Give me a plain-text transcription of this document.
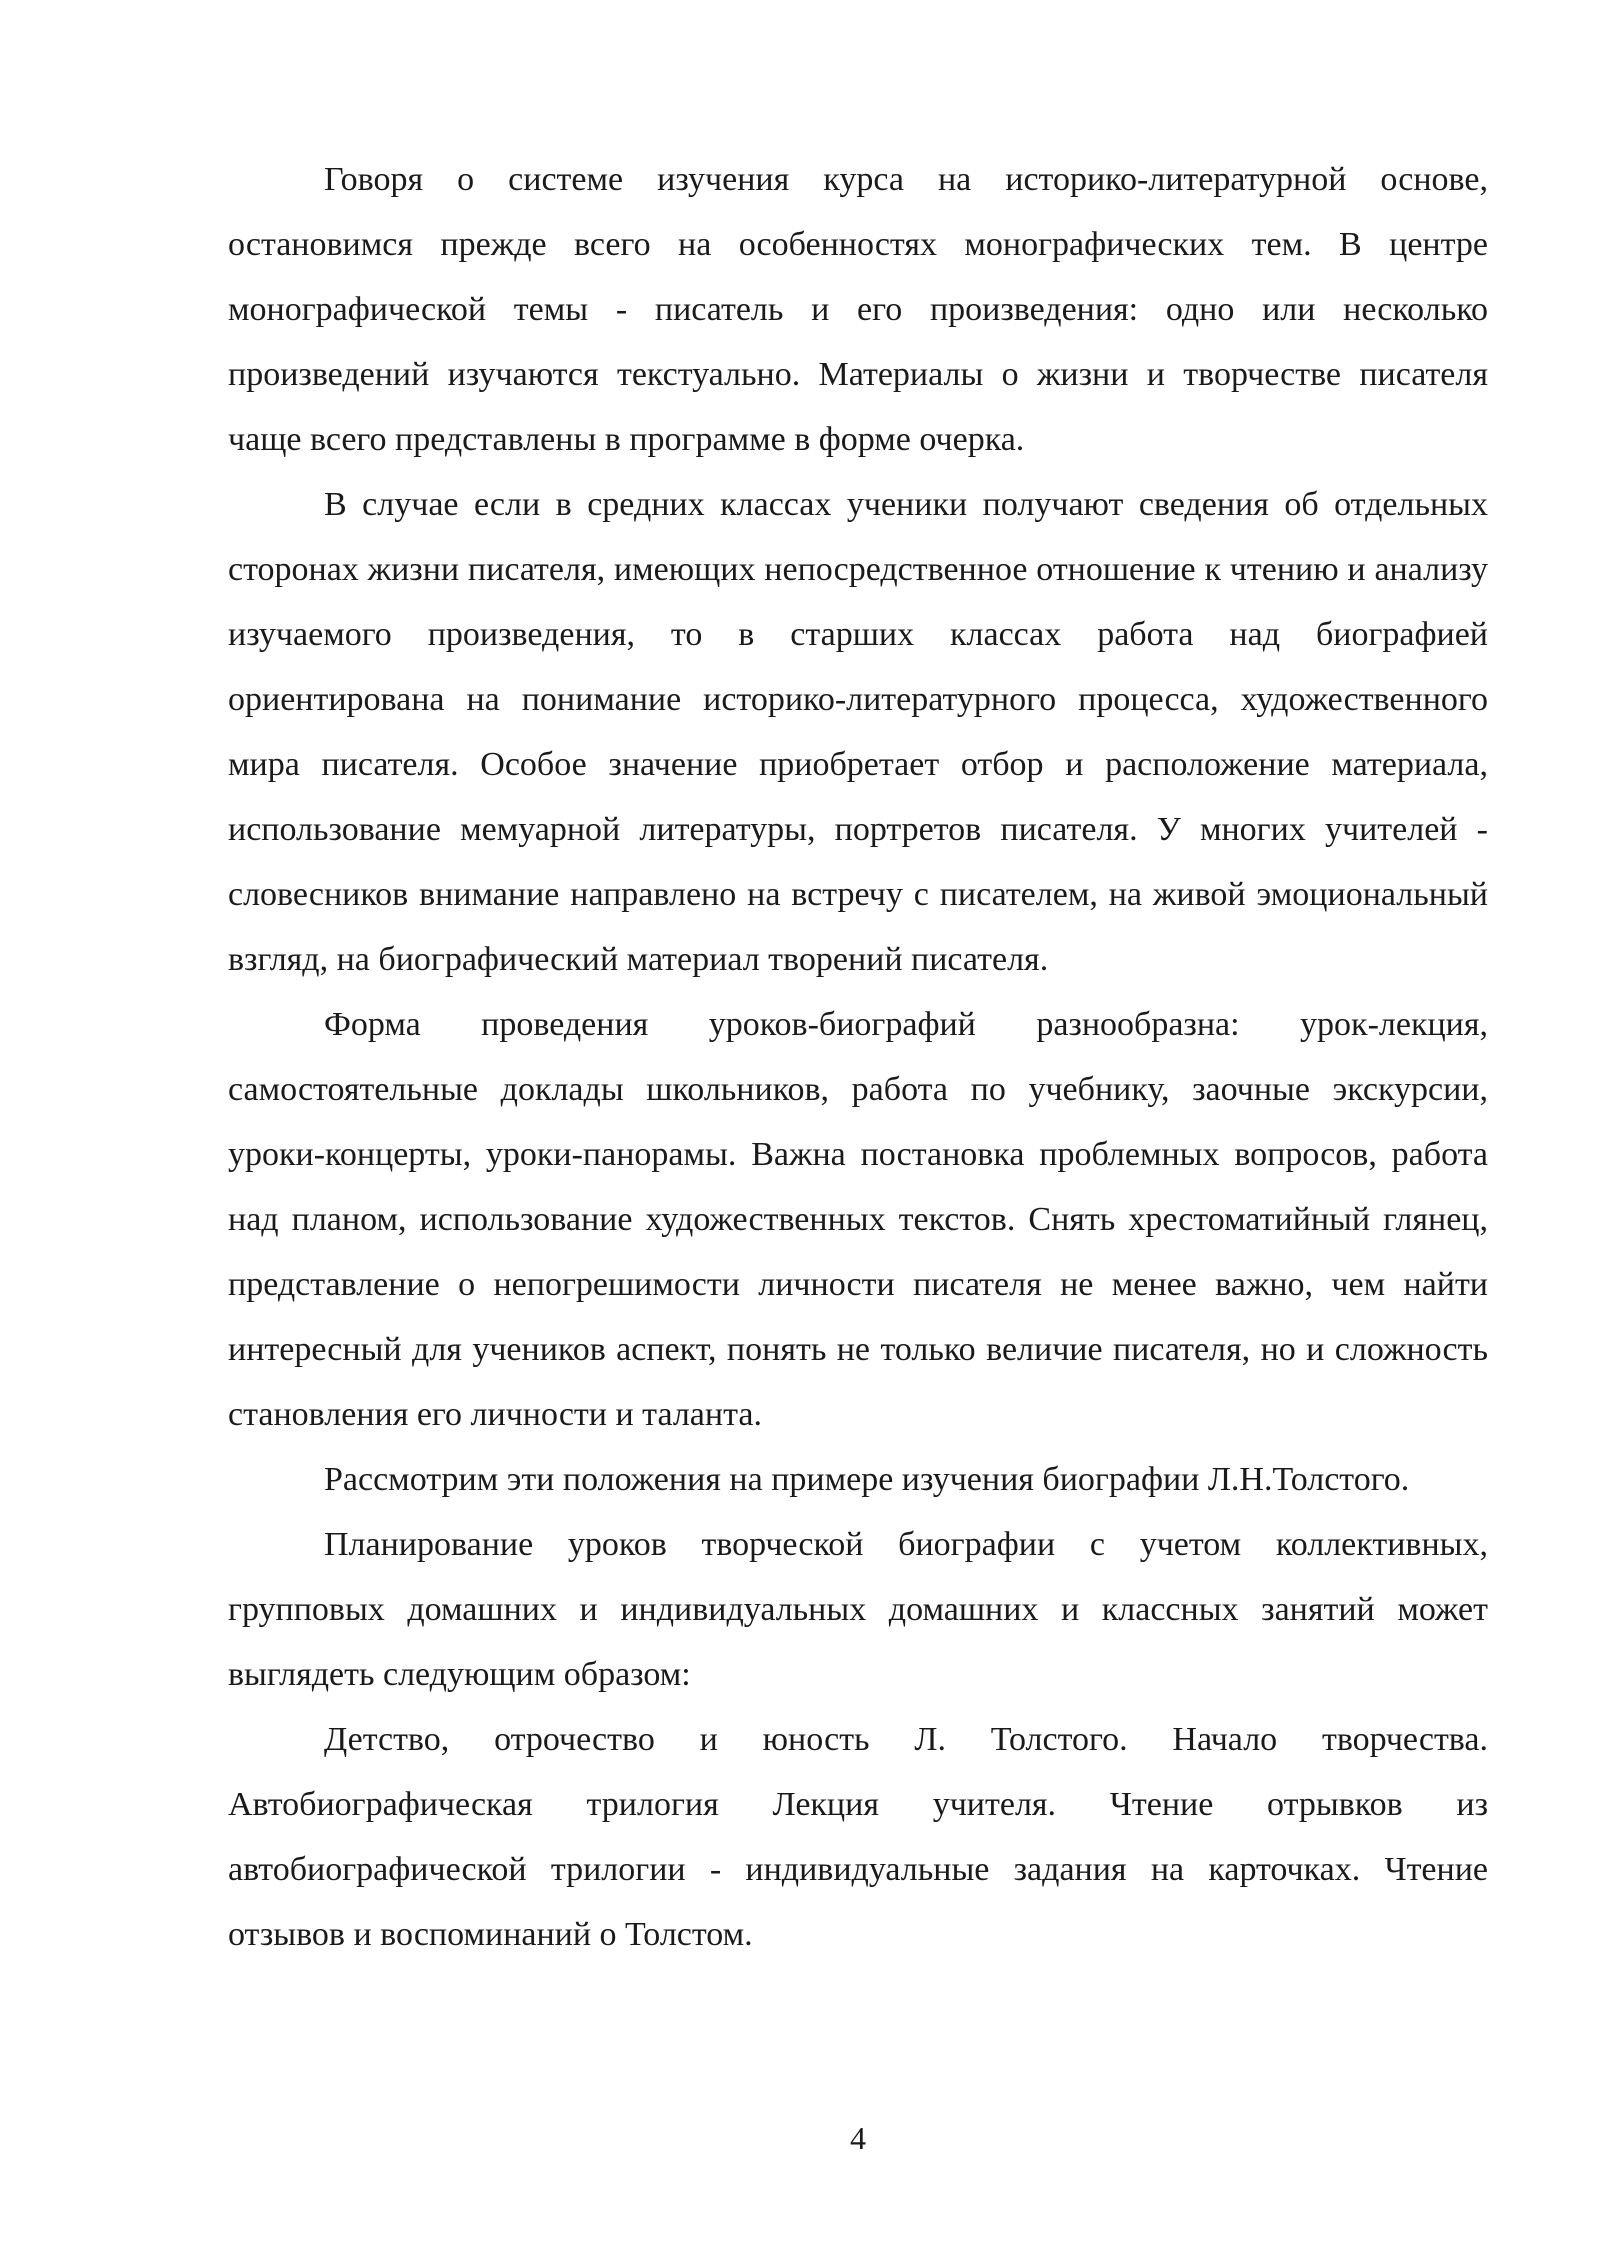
Говоря о системе изучения курса на историко-литературной основе, остановимся прежде всего на особенностях монографических тем. В центре монографической темы - писатель и его произведения: одно или несколько произведений изучаются текстуально. Материалы о жизни и творчестве писателя чаще всего представлены в программе в форме очерка.

В случае если в средних классах ученики получают сведения об отдельных сторонах жизни писателя, имеющих непосредственное отношение к чтению и анализу изучаемого произведения, то в старших классах работа над биографией ориентирована на понимание историко-литературного процесса, художественного мира писателя. Особое значение приобретает отбор и расположение материала, использование мемуарной литературы, портретов писателя. У многих учителей - словесников внимание направлено на встречу с писателем, на живой эмоциональный взгляд, на биографический материал творений писателя.

Форма проведения уроков-биографий разнообразна: урок-лекция, самостоятельные доклады школьников, работа по учебнику, заочные экскурсии, уроки-концерты, уроки-панорамы. Важна постановка проблемных вопросов, работа над планом, использование художественных текстов. Снять хрестоматийный глянец, представление о непогрешимости личности писателя не менее важно, чем найти интересный для учеников аспект, понять не только величие писателя, но и сложность становления его личности и таланта.

Рассмотрим эти положения на примере изучения биографии Л.Н.Толстого.

Планирование уроков творческой биографии с учетом коллективных, групповых домашних и индивидуальных домашних и классных занятий может выглядеть следующим образом:

Детство, отрочество и юность Л. Толстого. Начало творчества. Автобиографическая трилогия Лекция учителя. Чтение отрывков из автобиографической трилогии - индивидуальные задания на карточках. Чтение отзывов и воспоминаний о Толстом.

4
